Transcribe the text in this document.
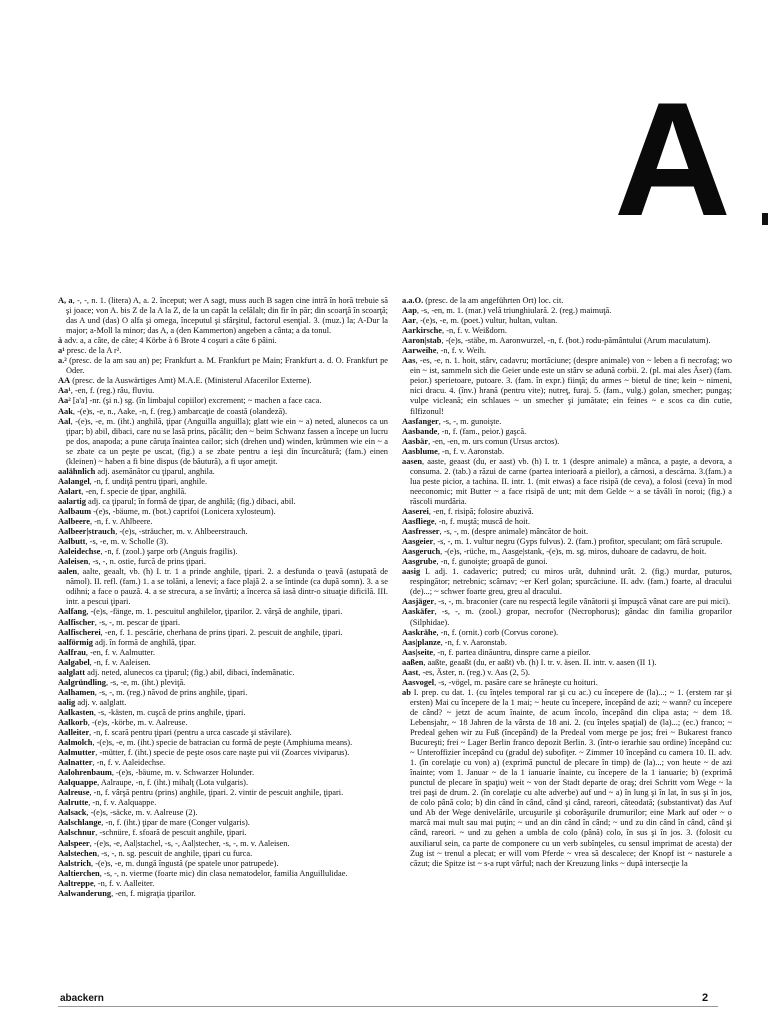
A

A, a, -, -, n. 1. (litera) A, a. 2. început; wer A sagt, muss auch B sagen cine intră în horă trebuie să şi joace; von A. bis Z de la A la Z, de la un capăt la celălalt; din fir în păr; din scoarţă în scoarţă; das A und (das) O alfa şi omega, începutul şi sfârşitul, factorul esenţial. 3. (muz.) la; A-Dur la major; a-Moll la minor; das A, a (den Kammerton) angeben a cânta; a da tonul.

à adv. a, a câte, de câte; 4 Körbe à 6 Brote 4 coşuri a câte 6 pâini.

a¹ presc. de la A r².

a.² (presc. de la am sau an) pe; Frankfurt a. M. Frankfurt pe Main; Frankfurt a. d. O. Frankfurt pe Oder.

AA (presc. de la Auswärtiges Amt) M.A.E. (Ministerul Afacerilor Externe).

Aa¹, -en, f. (reg.) râu, fluviu.

Aa² [a'a] -nr. (şi n.) sg. (în limbajul copiilor) excrement; ~ machen a face caca.

Aak, -(e)s, -e, n., Aake, -n, f. (reg.) ambarcaţie de coastă (olandeză).

Aal, -(e)s, -e, m. (iht.) anghilă, ţipar (Anguilla anguilla); glatt wie ein ~ a) neted, alunecos ca un ţipar; b) abil, dibaci, care nu se lasă prins, păcălit; den ~ beim Schwanz fassen a începe un lucru pe dos, anapoda; a pune căruţa înaintea cailor; sich (drehen und) winden, krümmen wie ein ~ a se zbate ca un peşte pe uscat, (fig.) a se zbate pentru a ieşi din încurcătură; (fam.) einen (kleinen) ~ haben a fi bine dispus (de băutură), a fi uşor ameţit.

aalähnlich adj. asemănător cu ţiparul, anghila.

Aalangel, -n, f. undiţă pentru ţipari, anghile.

Aalart, -en, f. specie de ţipar, anghilă.

aalartig adj. ca ţiparul; în formă de ţipar, de anghilă; (fig.) dibaci, abil.

Aalbaum -(e)s, -bäume, m. (bot.) caprifoi (Lonicera xylosteum).

Aalbeere, -n, f. v. Ahlbeere.

Aalbeer|strauch, -(e)s, -sträucher, m. v. Ahlbeerstrauch.

Aalbutt, -s, -e, m. v. Scholle (3).

Aaleidechse, -n, f. (zool.) şarpe orb (Anguis fragilis).

Aaleisen, -s, -, n. ostie, furcă de prins ţipari.

aalen, aalte, geaalt, vb. (h) I. tr. 1 a prinde anghile, ţipari. 2. a desfunda o ţeavă (astupată de nămol). II. refl. (fam.) 1. a se tolăni, a lenevi; a face plajă 2. a se întinde (ca după somn). 3. a se odihni; a face o pauză. 4. a se strecura, a se învârti; a încerca să iasă dintr-o situaţie dificilă. III. intr. a pescui ţipari.

Aalfang, -(e)s, -fänge, m. 1. pescuitul anghilelor, ţiparilor. 2. vârşă de anghile, ţipari.

Aalfischer, -s, -, m. pescar de ţipari.

Aalfischerei, -en, f. 1. pescărie, cherhana de prins ţipari. 2. pescuit de anghile, ţipari.

aalförmig adj. în formă de anghilă, ţipar.

Aalfrau, -en, f. v. Aalmutter.

Aalgabel, -n, f. v. Aaleisen.

aalglatt adj. neted, alunecos ca ţiparul; (fig.) abil, dibaci, îndemânatic.

Aalgründling, -s, -e, m. (iht.) pleviţă.

Aalhamen, -s, -, m. (reg.) năvod de prins anghile, ţipari.

aalig adj. v. aalglatt.

Aalkasten, -s, -kästen, m. cuşcă de prins anghile, ţipari.

Aalkorb, -(e)s, -körbe, m. v. Aalreuse.

Aalleiter, -n, f. scară pentru ţipari (pentru a urca cascade şi stăvilare).

Aalmolch, -(e)s, -e, m. (iht.) specie de batracian cu formă de peşte (Amphiuma means).

Aalmutter, -mütter, f. (iht.) specie de peşte osos care naşte pui vii (Zoarces viviparus).

Aalnatter, -n, f. v. Aaleidechse.

Aalohrenbaum, -(e)s, -bäume, m. v. Schwarzer Holunder.

Aalquappe, Aalraupe, -n, f. (iht.) mihalţ (Lota vulgaris).

Aalreuse, -n, f. vârşă pentru (prins) anghile, ţipari. 2. vintir de pescuit anghile, ţipari.

Aalrutte, -n, f. v. Aalquappe.

Aalsack, -(e)s, -säcke, m. v. Aalreuse (2).

Aalschlange, -n, f. (iht.) ţipar de mare (Conger vulgaris).

Aalschnur, -schnüre, f. sfoară de pescuit anghile, ţipari.

Aalspeer, -(e)s, -e, Aal|stachel, -s, -, Aal|stecher, -s, -, m. v. Aaleisen.

Aalstechen, -s, -, n. sg. pescuit de anghile, ţipari cu furca.

Aalstrich, -(e)s, -e, m. dungă îngustă (pe spatele unor patrupede).

Aaltierchen, -s, -, n. vierme (foarte mic) din clasa nematodelor, familia Anguillulidae.

Aaltreppe, -n, f. v. Aalleiter.

Aalwanderung, -en, f. migraţia ţiparilor.

a.a.O. (presc. de la am angeführten Ort) loc. cit.

Aap, -s, -en, m. 1. (mar.) velă triunghiulară. 2. (reg.) maimuţă.

Aar, -(e)s, -e, m. (poet.) vultur, hultan, vultan.

Aarkirsche, -n, f. v. Weißdorn.

Aaron|stab, -(e)s, -stäbe, m. Aaronwurzel, -n, f. (bot.) rodu-pământului (Arum maculatum).

Aarweihe, -n, f. v. Weih.

Aas, -es, -e, n. 1. hoit, stârv, cadavru; mortăciune; (despre animale) von ~ leben a fi necrofag; wo ein ~ ist, sammeln sich die Geier unde este un stârv se adună corbii. 2. (pl. mai ales Äser) (fam. peior.) sperietoare, putoare. 3. (fam. în expr.) fiinţă; du armes ~ bietul de tine; kein ~ nimeni, nici dracu. 4. (înv.) hrană (pentru vite); nutreţ, furaj. 5. (fam., vulg.) golan, smecher; pungaş; vulpe vicleană; ein schlaues ~ un smecher şi jumătate; ein feines ~ e scos ca din cutie, filfizonul!

Aasfanger, -s, -, m. gunoişte.

Aasbande, -n, f. (fam., peior.) gaşcă.

Aasbär, -en, -en, m. urs comun (Ursus arctos).

Aasblume, -n, f. v. Aaronstab.

aasen, aaste, geaast (du, er aast) vb. (h) I. tr. 1 (despre animale) a mânca, a paşte, a devora, a consuma. 2. (tab.) a răzui de carne (partea interioară a pieilor), a cârnosi, a descărna. 3.(fam.) a lua peste picior, a tachina. II. intr. 1. (mit etwas) a face risipă (de ceva), a folosi (ceva) în mod neeconomic; mit Butter ~ a face risipă de unt; mit dem Gelde ~ a se tăvăli în noroi; (fig.) a răscoli murdăria.

Aaserei, -en, f. risipă; folosire abuzivă.

Aasfliege, -n, f. muştă; muscă de hoit.

Aasfresser, -s, -, m. (despre animale) mâncător de hoit.

Aasgeier, -s, -, m. 1. vultur negru (Gyps fulvus). 2. (fam.) profitor, speculant; om fără scrupule.

Aasgeruch, -(e)s, -rüche, m., Aasge|stank, -(e)s, m. sg. miros, duhoare de cadavru, de hoit.

Aasgrube, -n, f. gunoişte; groapă de gunoi.

aasig I. adj. 1. cadaveric; putred; cu miros urât, duhnind urât. 2. (fig.) murdar, puturos, respingător; netrebnic; scârnav; ~er Kerl golan; spurcăciune. II. adv. (fam.) foarte, al dracului (de)...; ~ schwer foarte greu, greu al dracului.

Aasjäger, -s, -, m. braconier (care nu respectă legile vânătorii şi împuşcă vânat care are pui mici).

Aaskäfer, -s, -, m. (zool.) gropar, necrofor (Necrophorus); gândac din familia groparilor (Silphidae).

Aaskrähe, -n, f. (ornit.) corb (Corvus corone).

Aas|planze, -n, f. v. Aaronstab.

Aas|seite, -n, f. partea dinăuntru, dinspre carne a pieilor.

aaßen, aaßte, geaaßt (du, er aaßt) vb. (h) I. tr. v. äsen. II. intr. v. aasen (II 1).

Aast, -es, Äster, n. (reg.) v. Aas (2, 5).

Aasvogel, -s, -vögel, m. pasăre care se hrăneşte cu hoituri.

ab I. prep. cu dat. 1. (cu înţeles temporal rar şi cu ac.) cu începere de (la)...; ~ 1. (erstem rar şi ersten) Mai cu începere de la 1 mai; ~ heute cu începere, începând de azi; ~ wann? cu începere de când? ~ jetzt de acum înainte, de acum încolo, începând din clipa asta; ~ dem 18. Lebensjahr, ~ 18 Jahren de la vârsta de 18 ani. 2. (cu înţeles spaţial) de (la)...; (ec.) franco; ~ Predeal gehen wir zu Fuß (începând) de la Predeal vom merge pe jos; frei ~ Bukarest franco Bucureşti; frei ~ Lager Berlin franco depozit Berlin. 3. (într-o ierarhie sau ordine) începând cu: ~ Unteroffizier începând cu (gradul de) subofiţer. ~ Zimmer 10 începând cu camera 10. II. adv. 1. (în corelaţie cu von) a) (exprimă punctul de plecare în timp) de (la)...; von heute ~ de azi înainte; vom 1. Januar ~ de la 1 ianuarie înainte, cu începere de la 1 ianuarie; b) (exprimă punctul de plecare în spaţiu) weit ~ von der Stadt departe de oraş; drei Schritt vom Wege ~ la trei paşi de drum. 2. (în corelaţie cu alte adverbe) auf und ~ a) în lung şi în lat, în sus şi în jos, de colo până colo; b) din când în când, când şi când, rareori, câteodată; (substantivat) das Auf und Ab der Wege denivelările, urcuşurile şi coborâşurile drumurilor; eine Mark auf oder ~ o marcă mai mult sau mai puţin; ~ und an din când în când; ~ und zu din când în când, când şi când, rareori. ~ und zu gehen a umbla de colo (până) colo, în sus şi în jos. 3. (folosit cu auxiliarul sein, ca parte de componere cu un verb subînţeles, cu sensul imprimat de acesta) der Zug ist ~ trenul a plecat; er will vom Pferde ~ vrea să descalece; der Knopf ist ~ nasturele a căzut; die Spitze ist ~ s-a rupt vârful; nach der Kreuzung links ~ după intersecţie la

abackern	2
